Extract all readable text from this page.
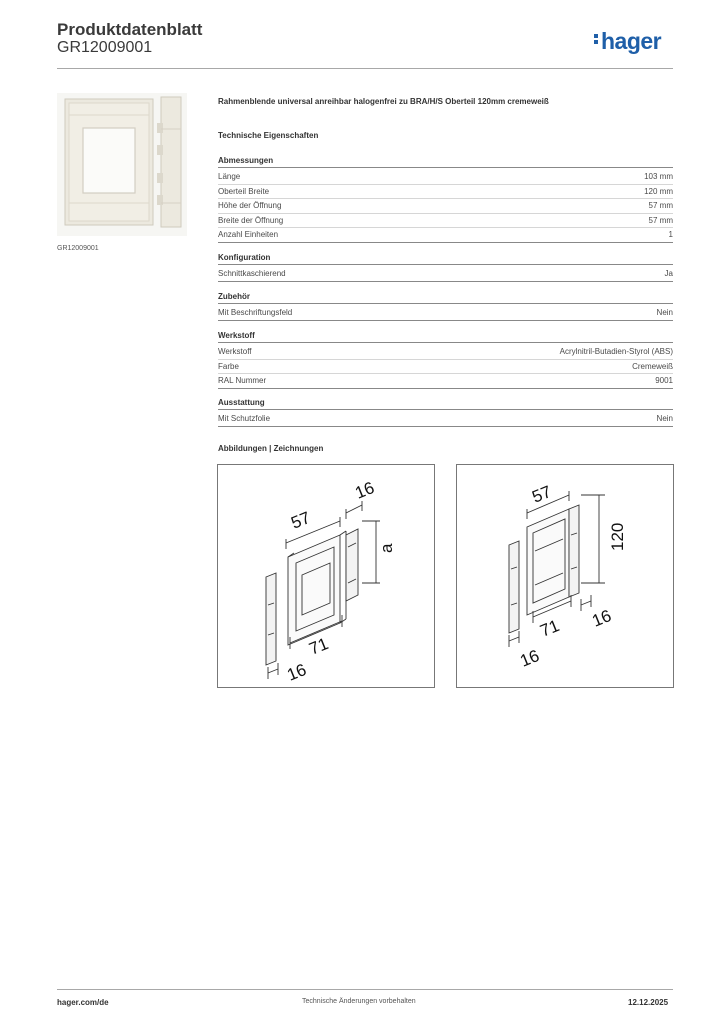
Produktdatenblatt
GR12009001	hager
GR12009001
Rahmenblende universal anreihbar halogenfrei zu BRA/H/S Oberteil 120mm cremeweiß
Technische Eigenschaften
Abmessungen
Länge	103 mm
Oberteil Breite	120 mm
Höhe der Öffnung	57 mm
Breite der Öffnung	57 mm
Anzahl Einheiten	1
Konfiguration
Schnittkaschierend	Ja
Zubehör
Mit Beschriftungsfeld	Nein
Werkstoff
Werkstoff	Acrylnitril-Butadien-Styrol (ABS)
Farbe	Cremeweiß
RAL Nummer	9001
Ausstattung
Mit Schutzfolie	Nein
Abbildungen | Zeichnungen
57
16
a
71
16
57
120
71 16
16
hager.com/de	Technische Änderungen vorbehalten	12.12.2025
